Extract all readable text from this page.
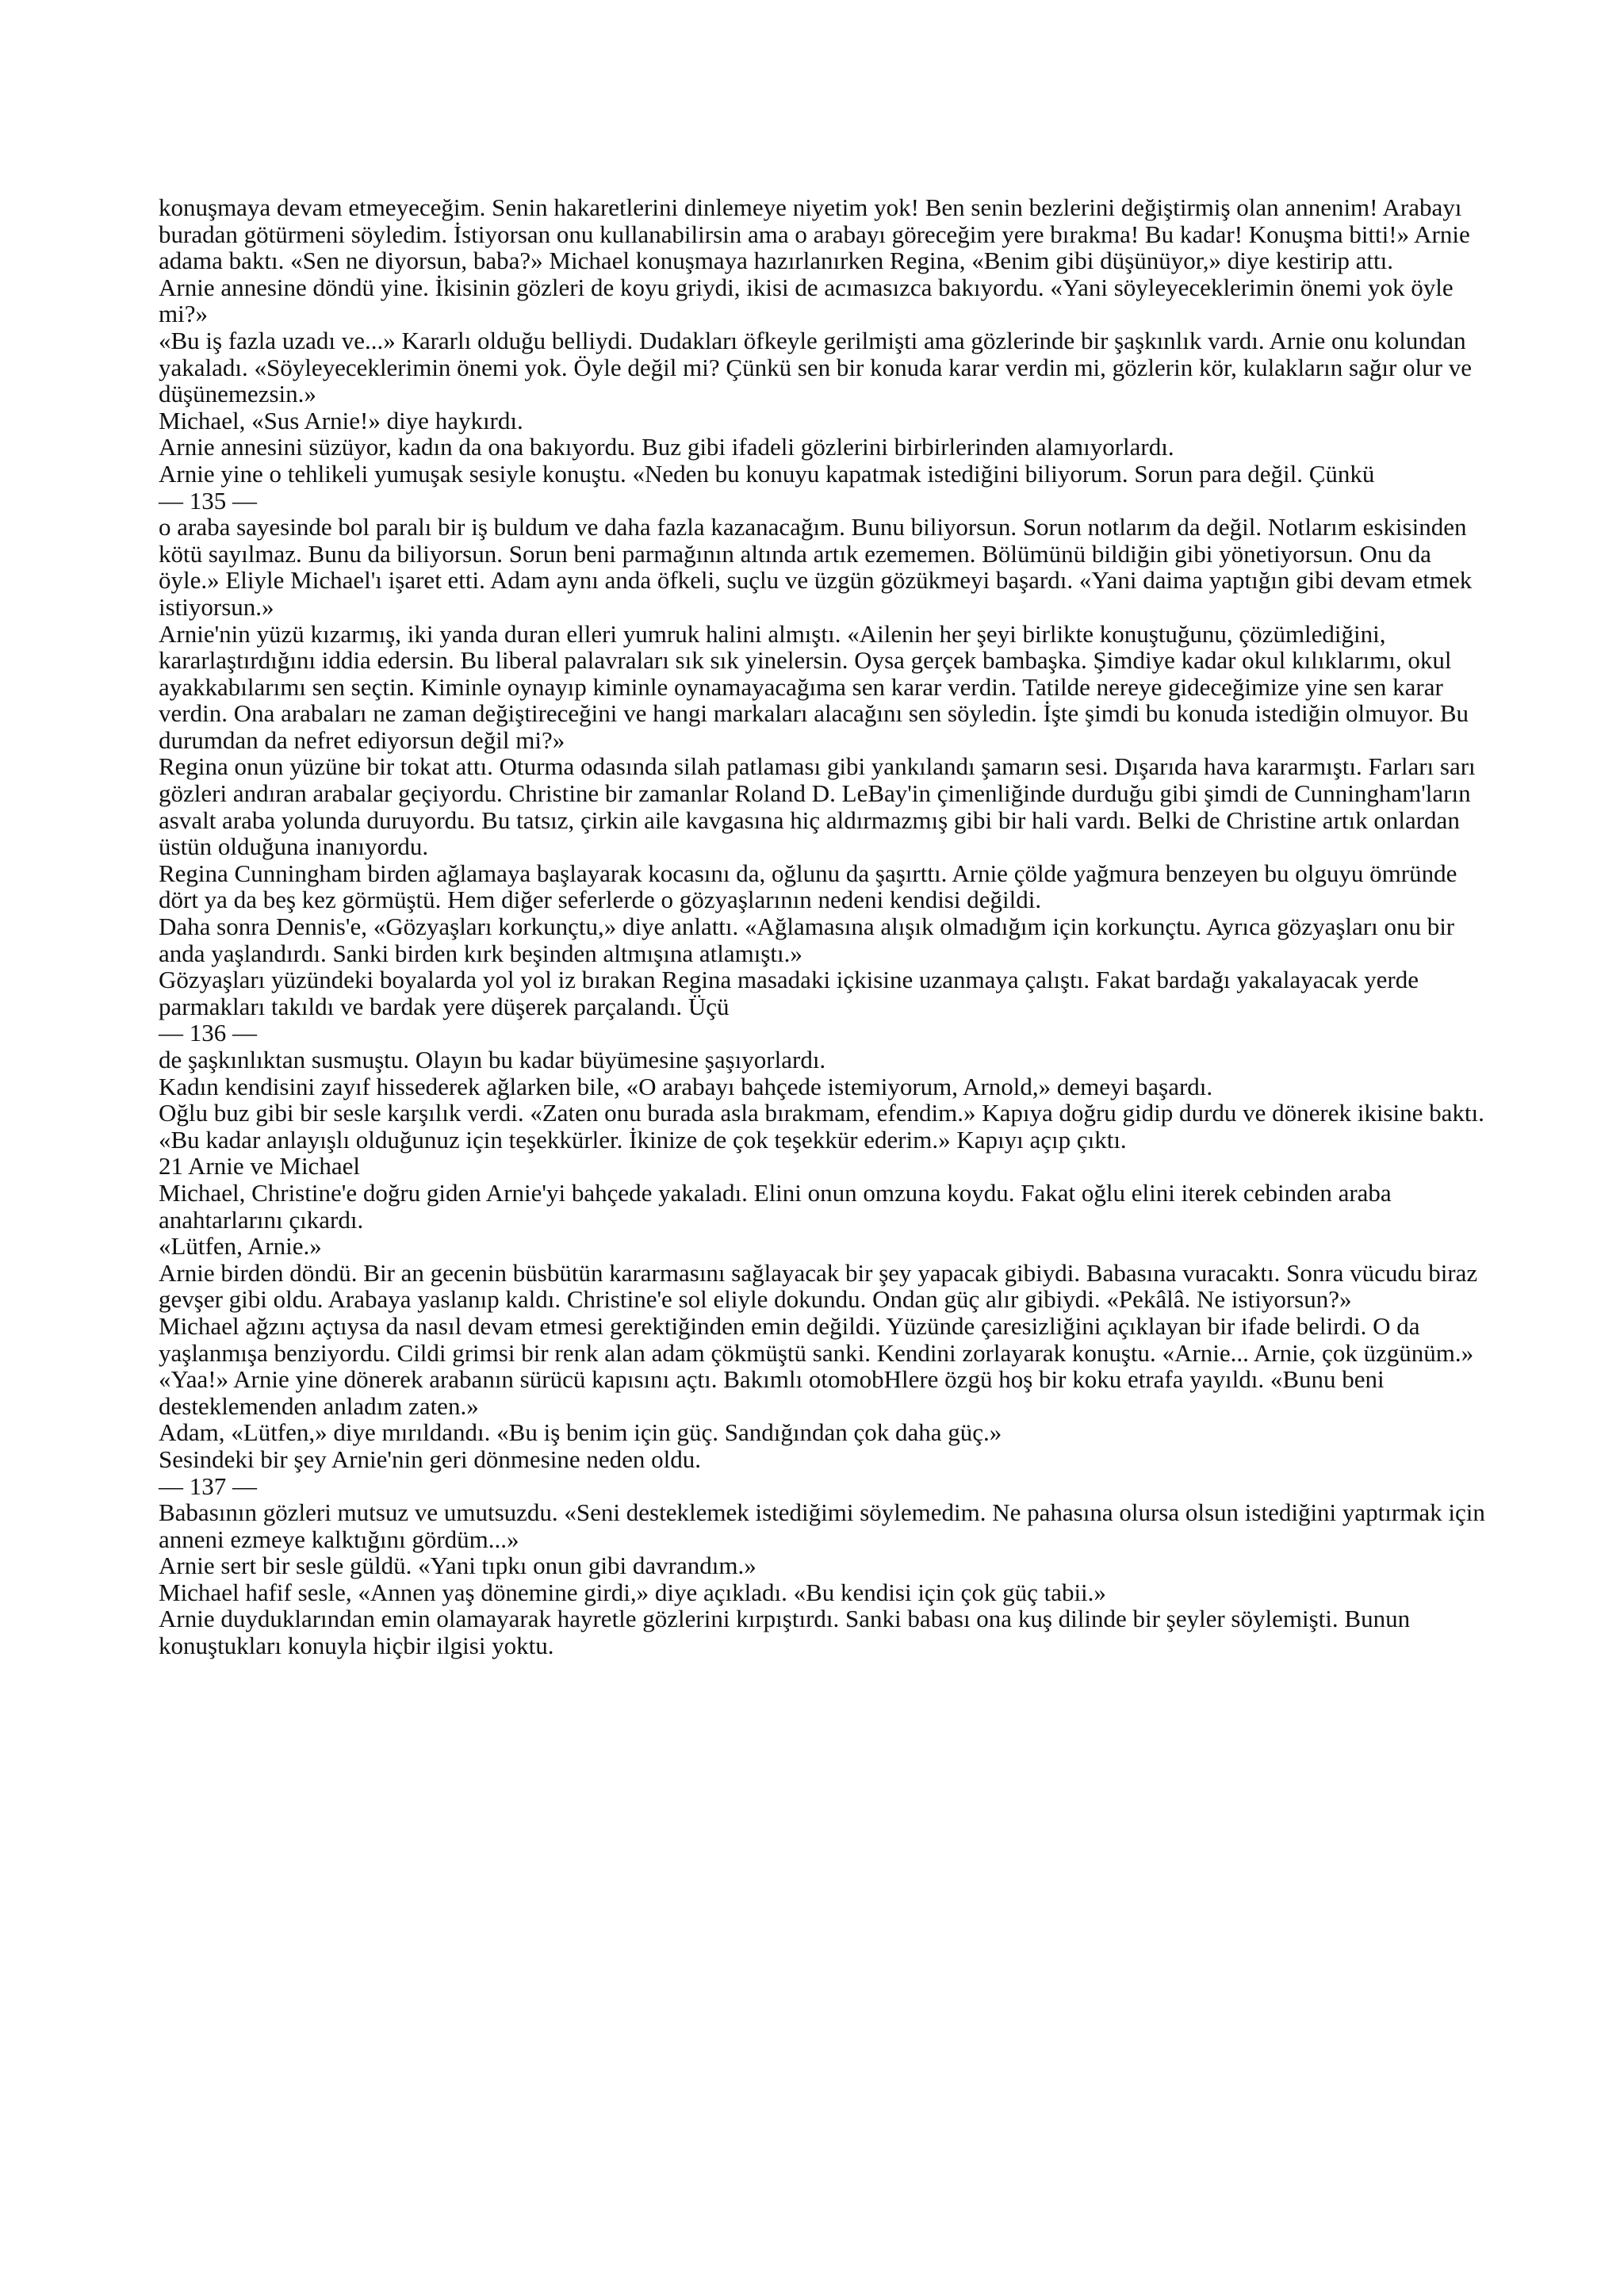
konuşmaya devam etmeyeceğim. Senin hakaretlerini dinlemeye niyetim yok! Ben senin bezlerini değiştirmiş olan annenim! Arabayı buradan götürmeni söyledim. İstiyorsan onu kullanabilirsin ama o arabayı göreceğim yere bırakma! Bu kadar! Konuşma bitti!» Arnie adama baktı. «Sen ne diyorsun, baba?» Michael konuşmaya hazırlanırken Regina, «Benim gibi düşünüyor,» diye kestirip attı.

Arnie annesine döndü yine. İkisinin gözleri de koyu griydi, ikisi de acımasızca bakıyordu. «Yani söyleyeceklerimin önemi yok öyle mi?»

«Bu iş fazla uzadı ve...» Kararlı olduğu belliydi. Dudakları öfkeyle gerilmişti ama gözlerinde bir şaşkınlık vardı. Arnie onu kolundan yakaladı. «Söyleyeceklerimin önemi yok. Öyle değil mi? Çünkü sen bir konuda karar verdin mi, gözlerin kör, kulakların sağır olur ve düşünemezsin.»

Michael, «Sus Arnie!» diye haykırdı.

Arnie annesini süzüyor, kadın da ona bakıyordu. Buz gibi ifadeli gözlerini birbirlerinden alamıyorlardı.

Arnie yine o tehlikeli yumuşak sesiyle konuştu. «Neden bu konuyu kapatmak istediğini biliyorum. Sorun para değil. Çünkü

— 135 —

o araba sayesinde bol paralı bir iş buldum ve daha fazla kazanacağım. Bunu biliyorsun. Sorun notlarım da değil. Notlarım eskisinden kötü sayılmaz. Bunu da biliyorsun. Sorun beni parmağının altında artık ezememen. Bölümünü bildiğin gibi yönetiyorsun. Onu da öyle.» Eliyle Michael'ı işaret etti. Adam aynı anda öfkeli, suçlu ve üzgün gözükmeyi başardı. «Yani daima yaptığın gibi devam etmek istiyorsun.»

Arnie'nin yüzü kızarmış, iki yanda duran elleri yumruk halini almıştı. «Ailenin her şeyi birlikte konuştuğunu, çözümlediğini, kararlaştırdığını iddia edersin. Bu liberal palavraları sık sık yinelersin. Oysa gerçek bambaşka. Şimdiye kadar okul kılıklarımı, okul ayakkabılarımı sen seçtin. Kiminle oynayıp kiminle oynamayacağıma sen karar verdin. Tatilde nereye gideceğimize yine sen karar verdin. Ona arabaları ne zaman değiştireceğini ve hangi markaları alacağını sen söyledin. İşte şimdi bu konuda istediğin olmuyor. Bu durumdan da nefret ediyorsun değil mi?»

Regina onun yüzüne bir tokat attı. Oturma odasında silah patlaması gibi yankılandı şamarın sesi. Dışarıda hava kararmıştı. Farları sarı gözleri andıran arabalar geçiyordu. Christine bir zamanlar Roland D. LeBay'in çimenliğinde durduğu gibi şimdi de Cunningham'ların asvalt araba yolunda duruyordu. Bu tatsız, çirkin aile kavgasına hiç aldırmazmış gibi bir hali vardı. Belki de Christine artık onlardan üstün olduğuna inanıyordu.

Regina Cunningham birden ağlamaya başlayarak kocasını da, oğlunu da şaşırttı. Arnie çölde yağmura benzeyen bu olguyu ömründe dört ya da beş kez görmüştü. Hem diğer seferlerde o gözyaşlarının nedeni kendisi değildi.

Daha sonra Dennis'e, «Gözyaşları korkunçtu,» diye anlattı. «Ağlamasına alışık olmadığım için korkunçtu. Ayrıca gözyaşları onu bir anda yaşlandırdı. Sanki birden kırk beşinden altmışına atlamıştı.»

Gözyaşları yüzündeki boyalarda yol yol iz bırakan Regina masadaki içkisine uzanmaya çalıştı. Fakat bardağı yakalayacak yerde parmakları takıldı ve bardak yere düşerek parçalandı. Üçü

— 136 —

de şaşkınlıktan susmuştu. Olayın bu kadar büyümesine şaşıyorlardı.

Kadın kendisini zayıf hissederek ağlarken bile, «O arabayı bahçede istemiyorum, Arnold,» demeyi başardı.

Oğlu buz gibi bir sesle karşılık verdi. «Zaten onu burada asla bırakmam, efendim.» Kapıya doğru gidip durdu ve dönerek ikisine baktı. «Bu kadar anlayışlı olduğunuz için teşekkürler. İkinize de çok teşekkür ederim.» Kapıyı açıp çıktı.

21 Arnie ve Michael

Michael, Christine'e doğru giden Arnie'yi bahçede yakaladı. Elini onun omzuna koydu. Fakat oğlu elini iterek cebinden araba anahtarlarını çıkardı.

«Lütfen, Arnie.»

Arnie birden döndü. Bir an gecenin büsbütün kararmasını sağlayacak bir şey yapacak gibiydi. Babasına vuracaktı. Sonra vücudu biraz gevşer gibi oldu. Arabaya yaslanıp kaldı. Christine'e sol eliyle dokundu. Ondan güç alır gibiydi. «Pekâlâ. Ne istiyorsun?»

Michael ağzını açtıysa da nasıl devam etmesi gerektiğinden emin değildi. Yüzünde çaresizliğini açıklayan bir ifade belirdi. O da yaşlanmışa benziyordu. Cildi grimsi bir renk alan adam çökmüştü sanki. Kendini zorlayarak konuştu. «Arnie... Arnie, çok üzgünüm.»

«Yaa!» Arnie yine dönerek arabanın sürücü kapısını açtı. Bakımlı otomobHlere özgü hoş bir koku etrafa yayıldı. «Bunu beni desteklemenden anladım zaten.»

Adam, «Lütfen,» diye mırıldandı. «Bu iş benim için güç. Sandığından çok daha güç.»

Sesindeki bir şey Arnie'nin geri dönmesine neden oldu.

— 137 —

Babasının gözleri mutsuz ve umutsuzdu. «Seni desteklemek istediğimi söylemedim. Ne pahasına olursa olsun istediğini yaptırmak için anneni ezmeye kalktığını gördüm...»

Arnie sert bir sesle güldü. «Yani tıpkı onun gibi davrandım.»

Michael hafif sesle, «Annen yaş dönemine girdi,» diye açıkladı. «Bu kendisi için çok güç tabii.»

Arnie duyduklarından emin olamayarak hayretle gözlerini kırpıştırdı. Sanki babası ona kuş dilinde bir şeyler söylemişti. Bunun konuştukları konuyla hiçbir ilgisi yoktu.
